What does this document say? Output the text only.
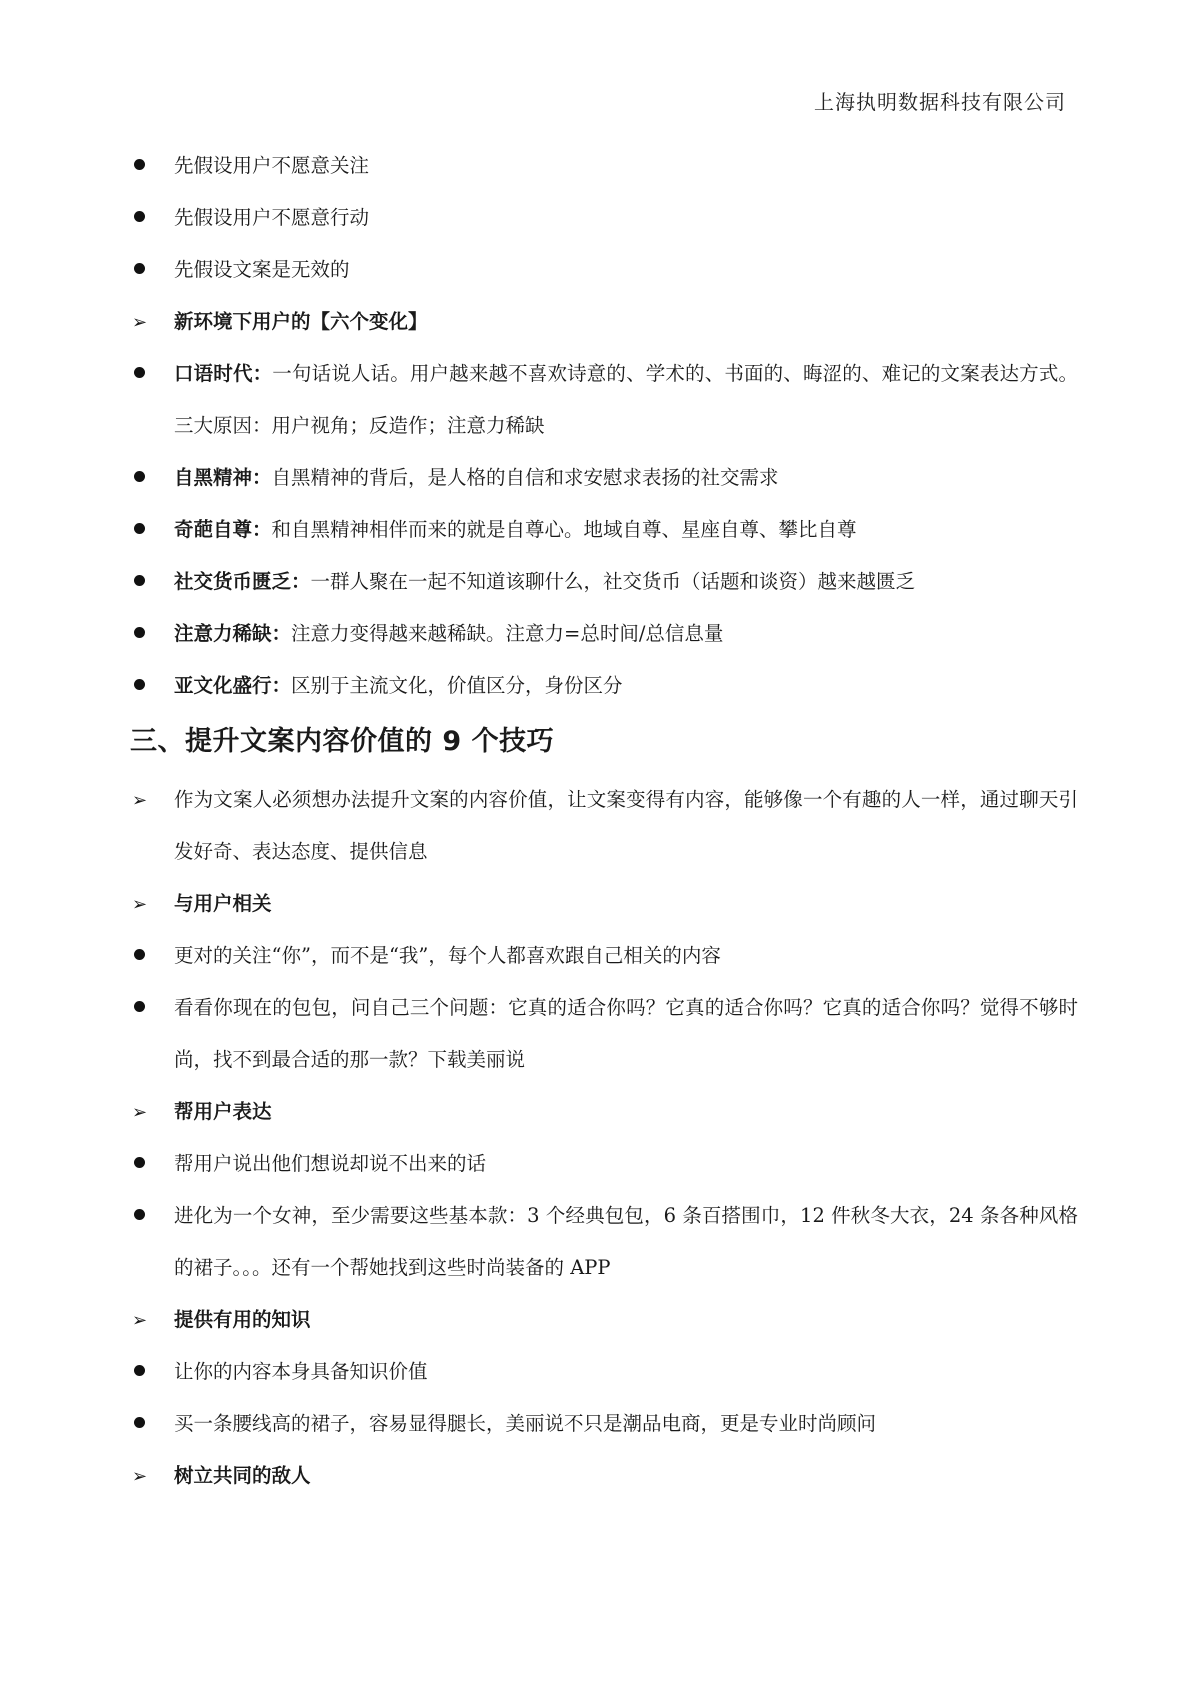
上海执明数据科技有限公司
先假设用户不愿意关注
先假设用户不愿意行动
先假设文案是无效的
➢	新环境下用户的【六个变化】
口语时代：一句话说人话。用户越来越不喜欢诗意的、学术的、书面的、晦涩的、难记的文案表达方式。三大原因：用户视角；反造作；注意力稀缺
自黑精神：自黑精神的背后，是人格的自信和求安慰求表扬的社交需求
奇葩自尊：和自黑精神相伴而来的就是自尊心。地域自尊、星座自尊、攀比自尊
社交货币匮乏：一群人聚在一起不知道该聊什么，社交货币（话题和谈资）越来越匮乏
注意力稀缺：注意力变得越来越稀缺。注意力=总时间/总信息量
亚文化盛行：区别于主流文化，价值区分，身份区分
三、提升文案内容价值的 9 个技巧
➢	作为文案人必须想办法提升文案的内容价值，让文案变得有内容，能够像一个有趣的人一样，通过聊天引发好奇、表达态度、提供信息
➢	与用户相关
更对的关注“你”，而不是“我”，每个人都喜欢跟自己相关的内容
看看你现在的包包，问自己三个问题：它真的适合你吗？它真的适合你吗？它真的适合你吗？觉得不够时尚，找不到最合适的那一款？下载美丽说
➢	帮用户表达
帮用户说出他们想说却说不出来的话
进化为一个女神，至少需要这些基本款：3 个经典包包，6 条百搭围巾，12 件秋冬大衣，24 条各种风格的裙子。。。还有一个帮她找到这些时尚装备的 APP
➢	提供有用的知识
让你的内容本身具备知识价值
买一条腰线高的裙子，容易显得腿长，美丽说不只是潮品电商，更是专业时尚顾问
➢	树立共同的敌人
